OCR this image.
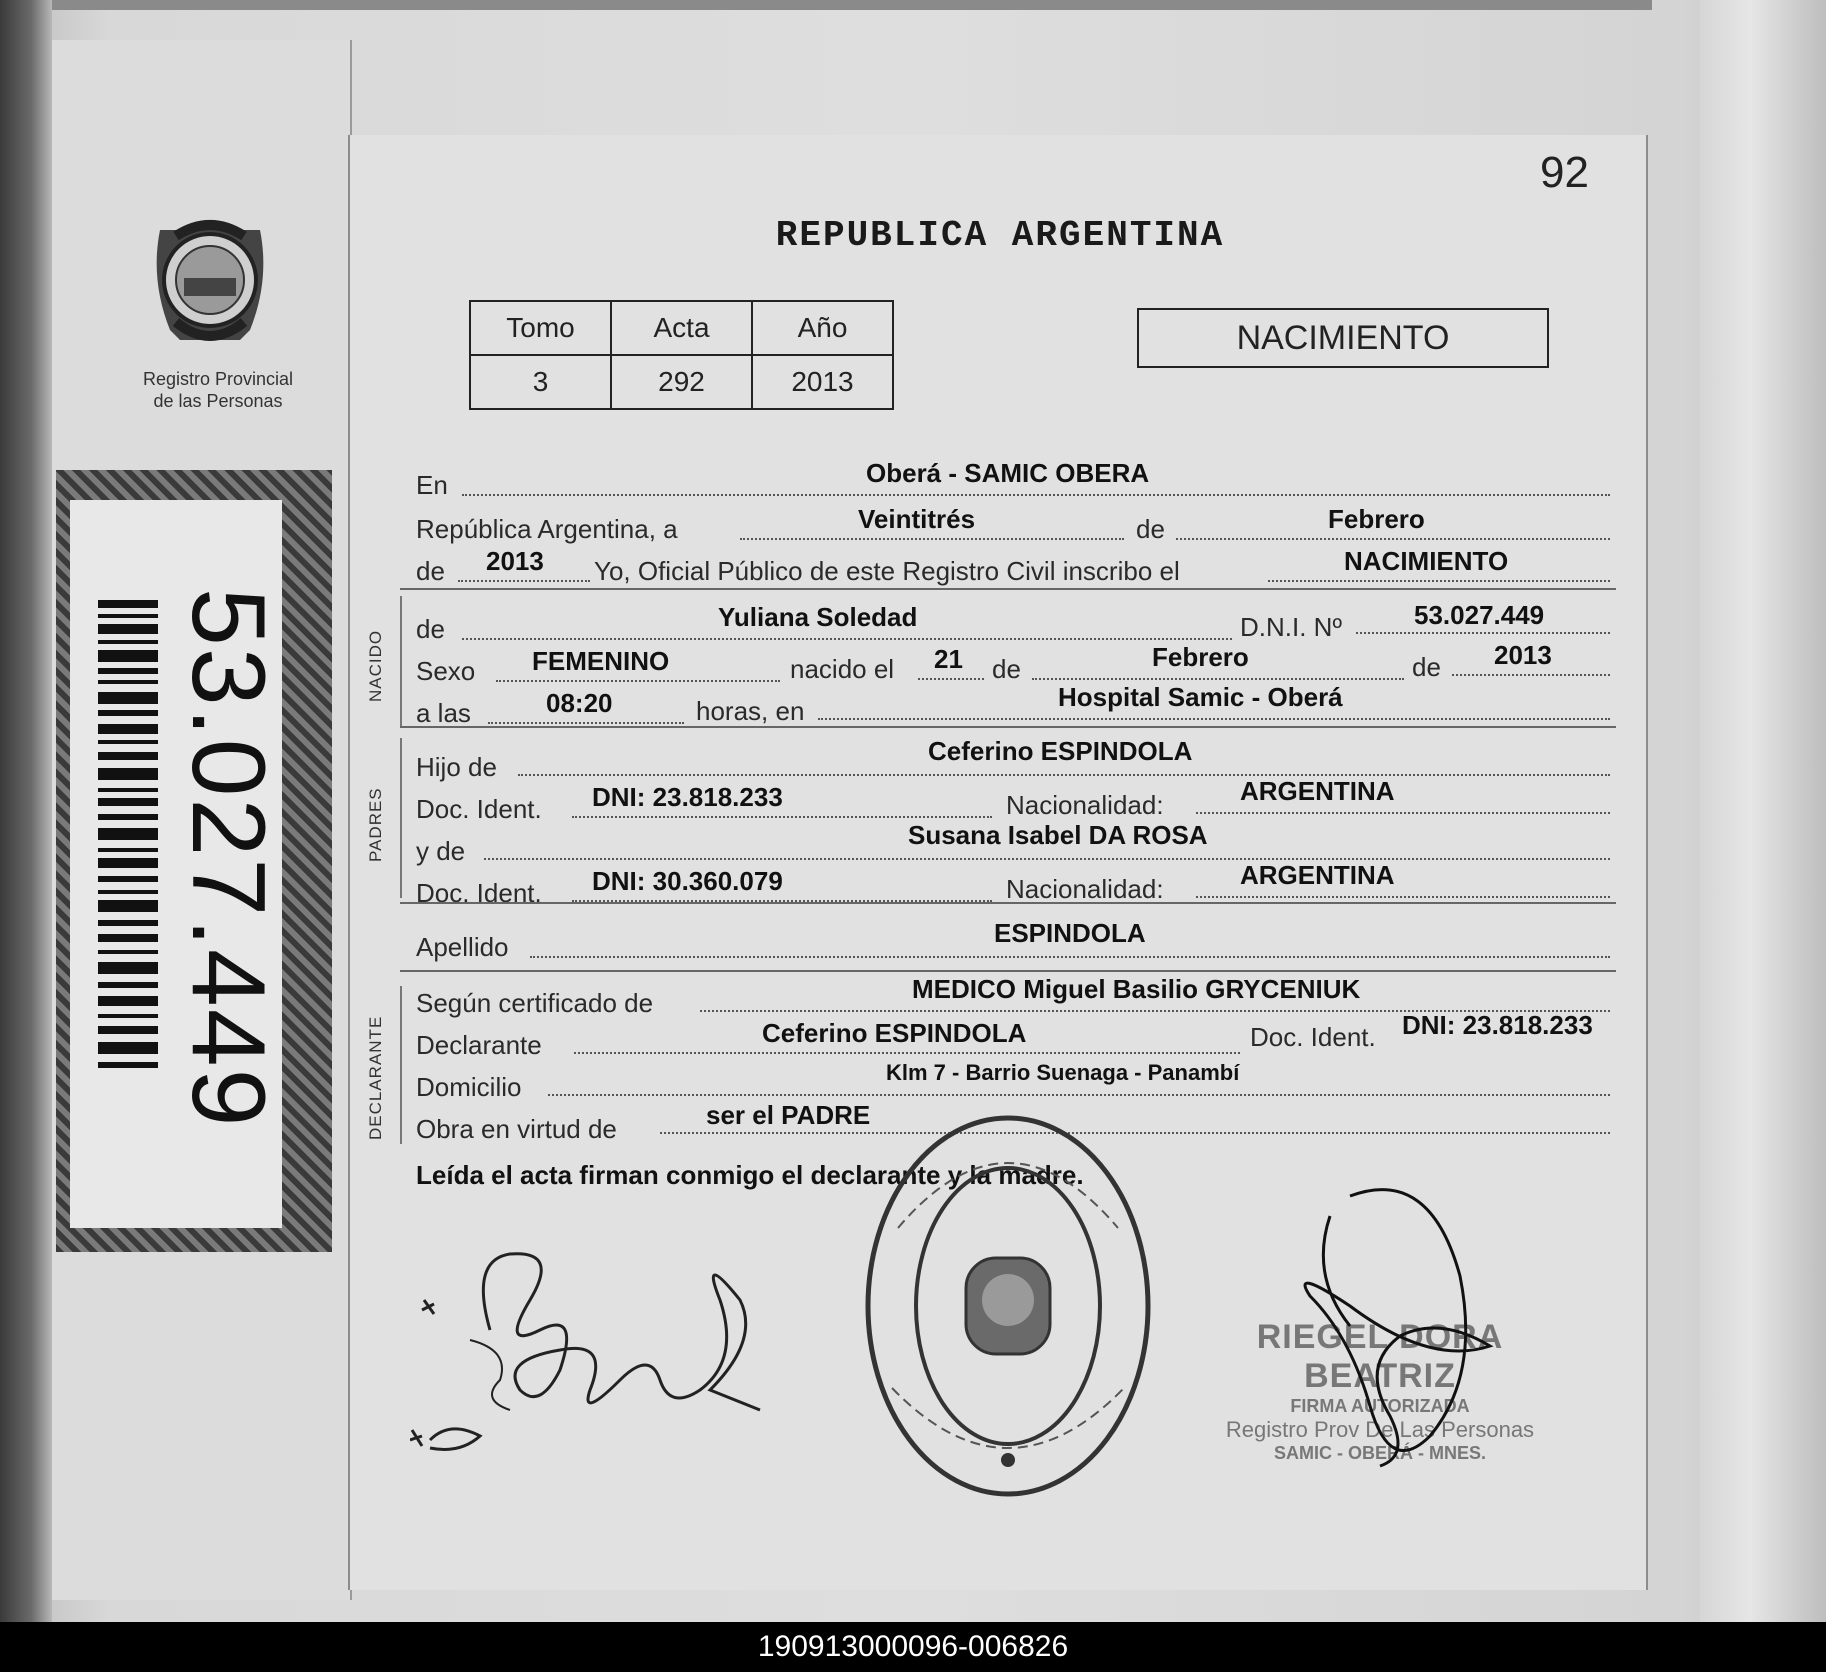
Registro Provincial
de las Personas
53.027.449
92
REPUBLICA ARGENTINA
Tomo	Acta	Año
3	292	2013
NACIMIENTO
En	Oberá - SAMIC OBERA
República Argentina, a	Veintitrés	de	Febrero
de 2013 Yo, Oficial Público de este Registro Civil inscribo el	NACIMIENTO
NACIDO
de	Yuliana Soledad	D.N.I. Nº	53.027.449
Sexo FEMENINO	nacido el 21 de	Febrero	de 2013
a las	08:20	horas, en	Hospital Samic - Oberá
PADRES
Hijo de
Ceferino ESPINDOLA
Doc. Ident. DNI: 23.818.233	Nacionalidad:	ARGENTINA
y de
Susana Isabel DA ROSA
Doc. Ident. DNI: 30.360.079	Nacionalidad:	ARGENTINA
Apellido	ESPINDOLA
DECLARANTE
Según certificado de	MEDICO Miguel Basilio GRYCENIUK
Declarante	Ceferino ESPINDOLA	Doc. Ident. DNI: 23.818.233
Domicilio	Klm 7 - Barrio Suenaga - Panambí
Obra en virtud de	ser el PADRE
Leída el acta firman conmigo el declarante y la madre.
RIEGEL DORA BEATRIZ
FIRMA AUTORIZADA
Registro Prov De Las Personas
SAMIC - OBERÁ - MNES.
190913000096-006826
